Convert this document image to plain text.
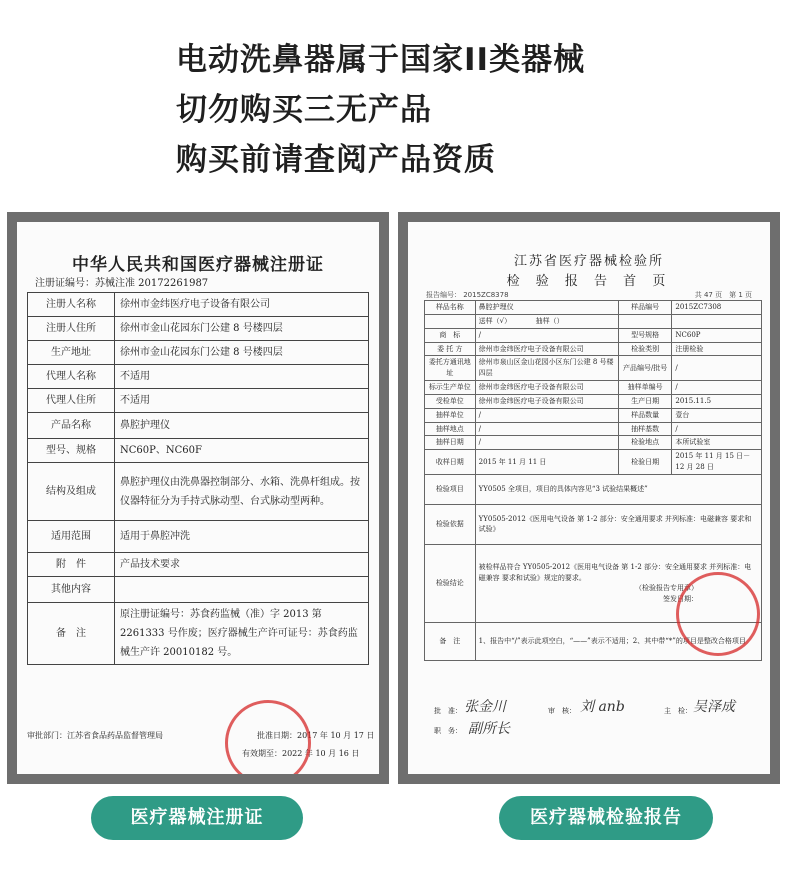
电动洗鼻器属于国家II类器械
切勿购买三无产品
购买前请查阅产品资质
中华人民共和国医疗器械注册证
注册证编号：苏械注准 20172261987
注册人名称	徐州市金纬医疗电子设备有限公司
注册人住所	徐州市金山花园东门公建 8 号楼四层
生产地址	徐州市金山花园东门公建 8 号楼四层
代理人名称	不适用
代理人住所	不适用
产品名称	鼻腔护理仪
型号、规格	NC60P、NC60F
结构及组成	鼻腔护理仪由洗鼻器控制部分、水箱、洗鼻杆组成。按仪器特征分为手持式脉动型、台式脉动型两种。
适用范围	适用于鼻腔冲洗
附　件	产品技术要求
其他内容	
备　注	原注册证编号：苏食药监械（准）字 2013 第 2261333 号作废；医疗器械生产许可证号：苏食药监械生产许 20010182 号。
审批部门：江苏省食品药品监督管理局	批准日期：2017 年 10 月 17 日
有效期至：2022 年 10 月 16 日
江苏省医疗器械检验所
检 验 报 告 首 页
报告编号： 2015ZC8378	共 47 页　第 1 页
样品名称	鼻腔护理仪	样品编号	2015ZC7308
	送样（√）　　　　抽样（）		
商　标	/	型号规格	NC60P
委 托 方	徐州市金纬医疗电子设备有限公司	检验类别	注册检验
委托方通讯地址	徐州市泉山区金山花园小区东门公建 8 号楼四层	产品编号/批号	/
标示生产单位	徐州市金纬医疗电子设备有限公司	抽样单编号	/
受检单位	徐州市金纬医疗电子设备有限公司	生产日期	2015.11.5
抽样单位	/	样品数量	壹台
抽样地点	/	抽样基数	/
抽样日期	/	检验地点	本所试验室
收样日期	2015 年 11 月 11 日	检验日期	2015 年 11 月 15 日－12 月 28 日
检验项目	YY0505 全项目，项目的具体内容见“3 试验结果概述”		

检验依据	YY0505-2012《医用电气设备 第 1-2 部分：安全通用要求 并列标准：电磁兼容 要求和试验》		

检验结论	被检样品符合 YY0505-2012《医用电气设备 第 1-2 部分：安全通用要求 并列标准：电磁兼容 要求和试验》规定的要求。
（检验报告专用章）
签发日期：		

备　注	1、报告中“/”表示此项空白，“——”表示不适用；2、其中带“*”的项目是整改合格项目		
批　准： 张金川	审　核： 刘 anb	主　检： 吴泽成
职　务： 副所长
医疗器械注册证	医疗器械检验报告
